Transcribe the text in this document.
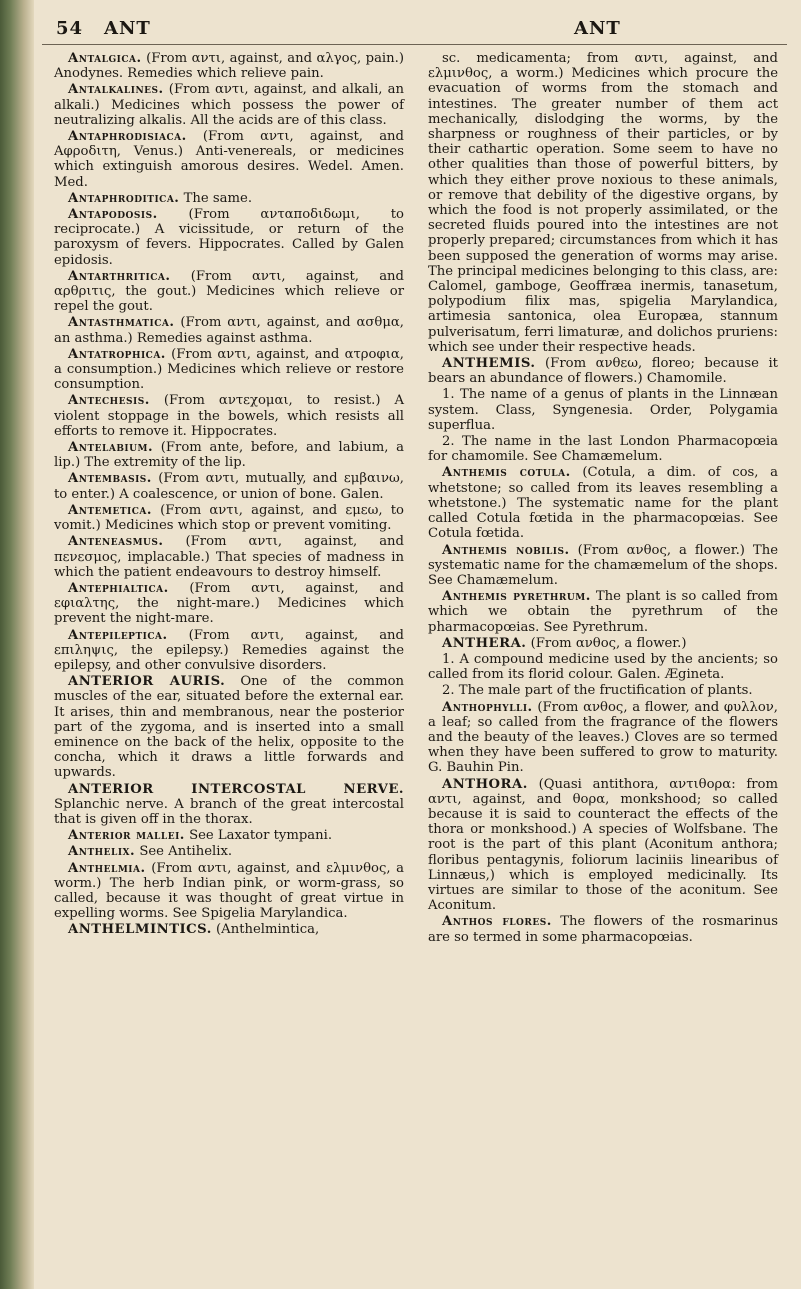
54 ANT	ANT

Antalgica. (From αντι, against, and αλγος, pain.) Anodynes. Remedies which relieve pain.

Antalkalines. (From αντι, against, and alkali, an alkali.) Medicines which possess the power of neutralizing alkalis. All the acids are of this class.

Antaphrodisiaca. (From αντι, against, and Αφροδιτη, Venus.) Anti-venereals, or medicines which extinguish amorous desires. Wedel. Amen. Med.

Antaphroditica. The same.

Antapodosis. (From ανταποδιδωμι, to reciprocate.) A vicissitude, or return of the paroxysm of fevers. Hippocrates. Called by Galen epidosis.

Antarthritica. (From αντι, against, and αρθριτις, the gout.) Medicines which relieve or repel the gout.

Antasthmatica. (From αντι, against, and ασθμα, an asthma.) Remedies against asthma.

Antatrophica. (From αντι, against, and ατροφια, a consumption.) Medicines which relieve or restore consumption.

Antechesis. (From αντεχομαι, to resist.) A violent stoppage in the bowels, which resists all efforts to remove it. Hippocrates.

Antelabium. (From ante, before, and labium, a lip.) The extremity of the lip.

Antembasis. (From αντι, mutually, and εμβαινω, to enter.) A coalescence, or union of bone. Galen.

Antemetica. (From αντι, against, and εμεω, to vomit.) Medicines which stop or prevent vomiting.

Anteneasmus. (From αντι, against, and πενεσμος, implacable.) That species of madness in which the patient endeavours to destroy himself.

Antephialtica. (From αντι, against, and εφιαλτης, the night-mare.) Medicines which prevent the night-mare.

Antepileptica. (From αντι, against, and επιληψις, the epilepsy.) Remedies against the epilepsy, and other convulsive disorders.

ANTERIOR AURIS. One of the common muscles of the ear, situated before the external ear. It arises, thin and membranous, near the posterior part of the zygoma, and is inserted into a small eminence on the back of the helix, opposite to the concha, which it draws a little forwards and upwards.

ANTERIOR INTERCOSTAL NERVE. Splanchic nerve. A branch of the great intercostal that is given off in the thorax.

Anterior mallei. See Laxator tympani.

Anthelix. See Antihelix.

Anthelmia. (From αντι, against, and ελμινθος, a worm.) The herb Indian pink, or worm-grass, so called, because it was thought of great virtue in expelling worms. See Spigelia Marylandica.

ANTHELMINTICS. (Anthelmintica,

sc. medicamenta; from αντι, against, and ελμινθος, a worm.) Medicines which procure the evacuation of worms from the stomach and intestines. The greater number of them act mechanically, dislodging the worms, by the sharpness or roughness of their particles, or by their cathartic operation. Some seem to have no other qualities than those of powerful bitters, by which they either prove noxious to these animals, or remove that debility of the digestive organs, by which the food is not properly assimilated, or the secreted fluids poured into the intestines are not properly prepared; circumstances from which it has been supposed the generation of worms may arise. The principal medicines belonging to this class, are: Calomel, gamboge, Geoffræa inermis, tanasetum, polypodium filix mas, spigelia Marylandica, artimesia santonica, olea Europæa, stannum pulverisatum, ferri limaturæ, and dolichos pruriens: which see under their respective heads.

ANTHEMIS. (From ανθεω, floreo; because it bears an abundance of flowers.) Chamomile.

1. The name of a genus of plants in the Linnæan system. Class, Syngenesia. Order, Polygamia superflua.

2. The name in the last London Pharmacopœia for chamomile. See Chamæmelum.

Anthemis cotula. (Cotula, a dim. of cos, a whetstone; so called from its leaves resembling a whetstone.) The systematic name for the plant called Cotula fœtida in the pharmacopœias. See Cotula fœtida.

Anthemis nobilis. (From ανθος, a flower.) The systematic name for the chamæmelum of the shops. See Chamæmelum.

Anthemis pyrethrum. The plant is so called from which we obtain the pyrethrum of the pharmacopœias. See Pyrethrum.

ANTHERA. (From ανθος, a flower.)

1. A compound medicine used by the ancients; so called from its florid colour. Galen. Ægineta.

2. The male part of the fructification of plants.

Anthophylli. (From ανθος, a flower, and φυλλον, a leaf; so called from the fragrance of the flowers and the beauty of the leaves.) Cloves are so termed when they have been suffered to grow to maturity. G. Bauhin Pin.

ANTHORA. (Quasi antithora, αντιθορα: from αντι, against, and θορα, monkshood; so called because it is said to counteract the effects of the thora or monkshood.) A species of Wolfsbane. The root is the part of this plant (Aconitum anthora; floribus pentagynis, foliorum laciniis linearibus of Linnæus,) which is employed medicinally. Its virtues are similar to those of the aconitum. See Aconitum.

Anthos flores. The flowers of the rosmarinus are so termed in some pharmacopœias.
